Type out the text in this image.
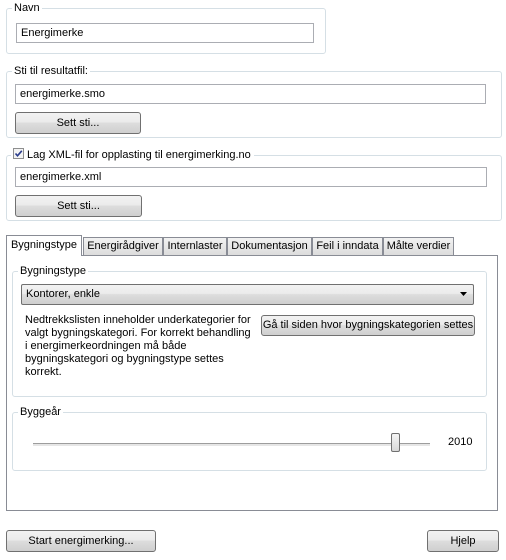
Navn
Energimerke
Sti til resultatfil:
energimerke.smo
Sett sti...
Lag XML-fil for opplasting til energimerking.no
energimerke.xml
Sett sti...
Bygningstype Energirådgiver Internlaster Dokumentasjon Feil i inndata Målte verdier
Bygningstype
Kontorer, enkle
Nedtrekkslisten inneholder underkategorier for
valgt bygningskategori. For korrekt behandling
i energimerkeordningen må både
bygningskategori og bygningstype settes
korrekt.
Gå til siden hvor bygningskategorien settes
Byggeår
2010
Start energimerking...	Hjelp
